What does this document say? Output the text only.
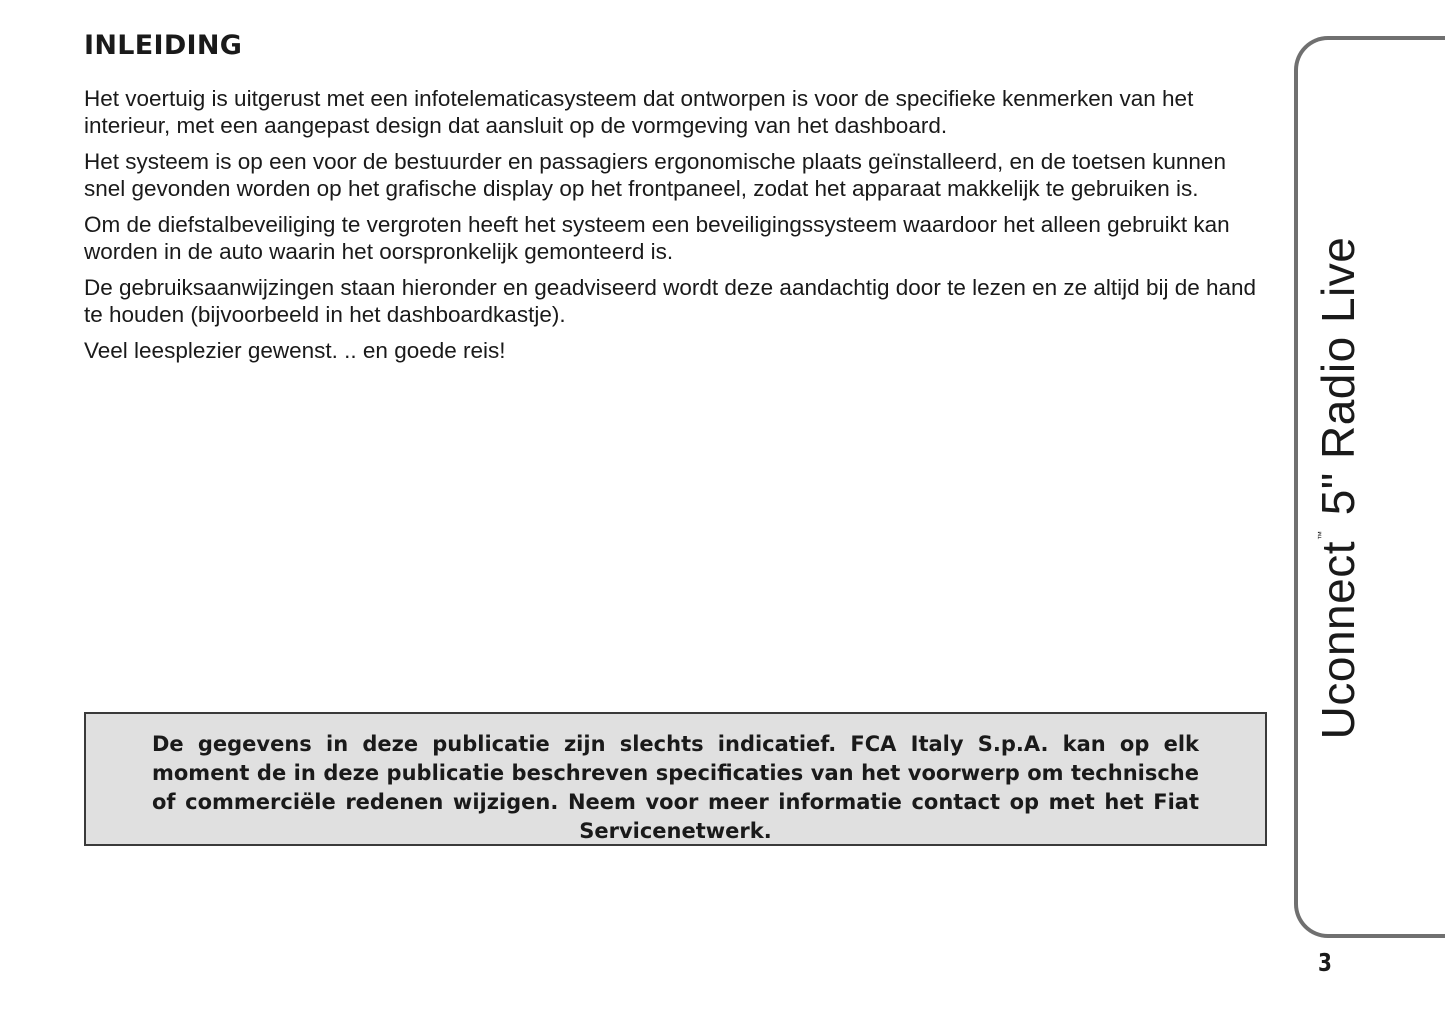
INLEIDING

Het voertuig is uitgerust met een infotelematicasysteem dat ontworpen is voor de specifieke kenmerken van het interieur, met een aangepast design dat aansluit op de vormgeving van het dashboard.

Het systeem is op een voor de bestuurder en passagiers ergonomische plaats geïnstalleerd, en de toetsen kunnen snel gevonden worden op het grafische display op het frontpaneel, zodat het apparaat makkelijk te gebruiken is.

Om de diefstalbeveiliging te vergroten heeft het systeem een beveiligingssysteem waardoor het alleen gebruikt kan worden in de auto waarin het oorspronkelijk gemonteerd is.

De gebruiksaanwijzingen staan hieronder en geadviseerd wordt deze aandachtig door te lezen en ze altijd bij de hand te houden (bijvoorbeeld in het dashboardkastje).

Veel leesplezier gewenst. .. en goede reis!

De gegevens in deze publicatie zijn slechts indicatief. FCA Italy S.p.A. kan op elk moment de in deze publicatie beschreven specificaties van het voorwerp om technische of commerciële redenen wijzigen. Neem voor meer informatie contact op met het Fiat Servicenetwerk.

Uconnect™ 5" Radio Live
3
